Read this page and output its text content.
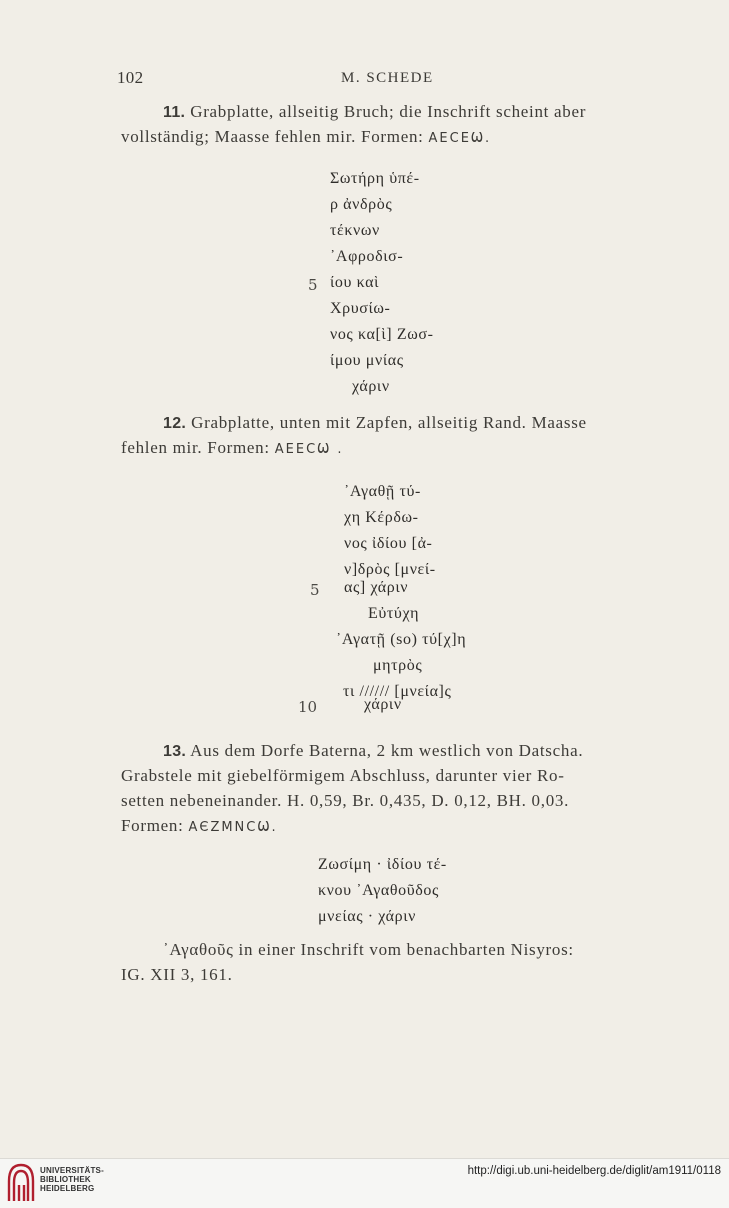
102	M. SCHEDE
11. Grabplatte, allseitig Bruch; die Inschrift scheint aber
vollständig; Maasse fehlen mir. Formen: ΑΕϹΕѠ.
Σωτήρη ὑπέ-
ρ ἀνδρὸς
τέκνων
᾿Αφροδισ-
5 ίου καὶ
Χρυσίω-
νος κα[ὶ] Ζωσ-
ίμου μνίας
χάριν
12. Grabplatte, unten mit Zapfen, allseitig Rand. Maasse
fehlen mir. Formen: ΑΕΕϹѠ .
᾿Αγαθῇ τύ-
χη Κέρδω-
νος ἰδίου [ἀ-
ν]δρὸς [μνεί-
5 ας] χάριν
Εὐτύχη
᾿Αγατῇ (so) τύ[χ]η
μητρὸς
τι ////// [μνεία]ς
10	χάριν
13. Aus dem Dorfe Baterna, 2 km westlich von Datscha.
Grabstele mit giebelförmigem Abschluss, darunter vier Ro-
setten nebeneinander. H. 0,59, Br. 0,435, D. 0,12, BH. 0,03.
Formen: ΑЄΖΜΝϹѠ.
Ζωσίμη · ἰδίου τέ-
κνου ᾿Αγαθοῦδος
μνείας · χάριν
᾿Αγαθοῦς in einer Inschrift vom benachbarten Nisyros:
IG. XII 3, 161.
UNIVERSITÄTS-
BIBLIOTHEK
HEIDELBERG
http://digi.ub.uni-heidelberg.de/diglit/am1911/0118
